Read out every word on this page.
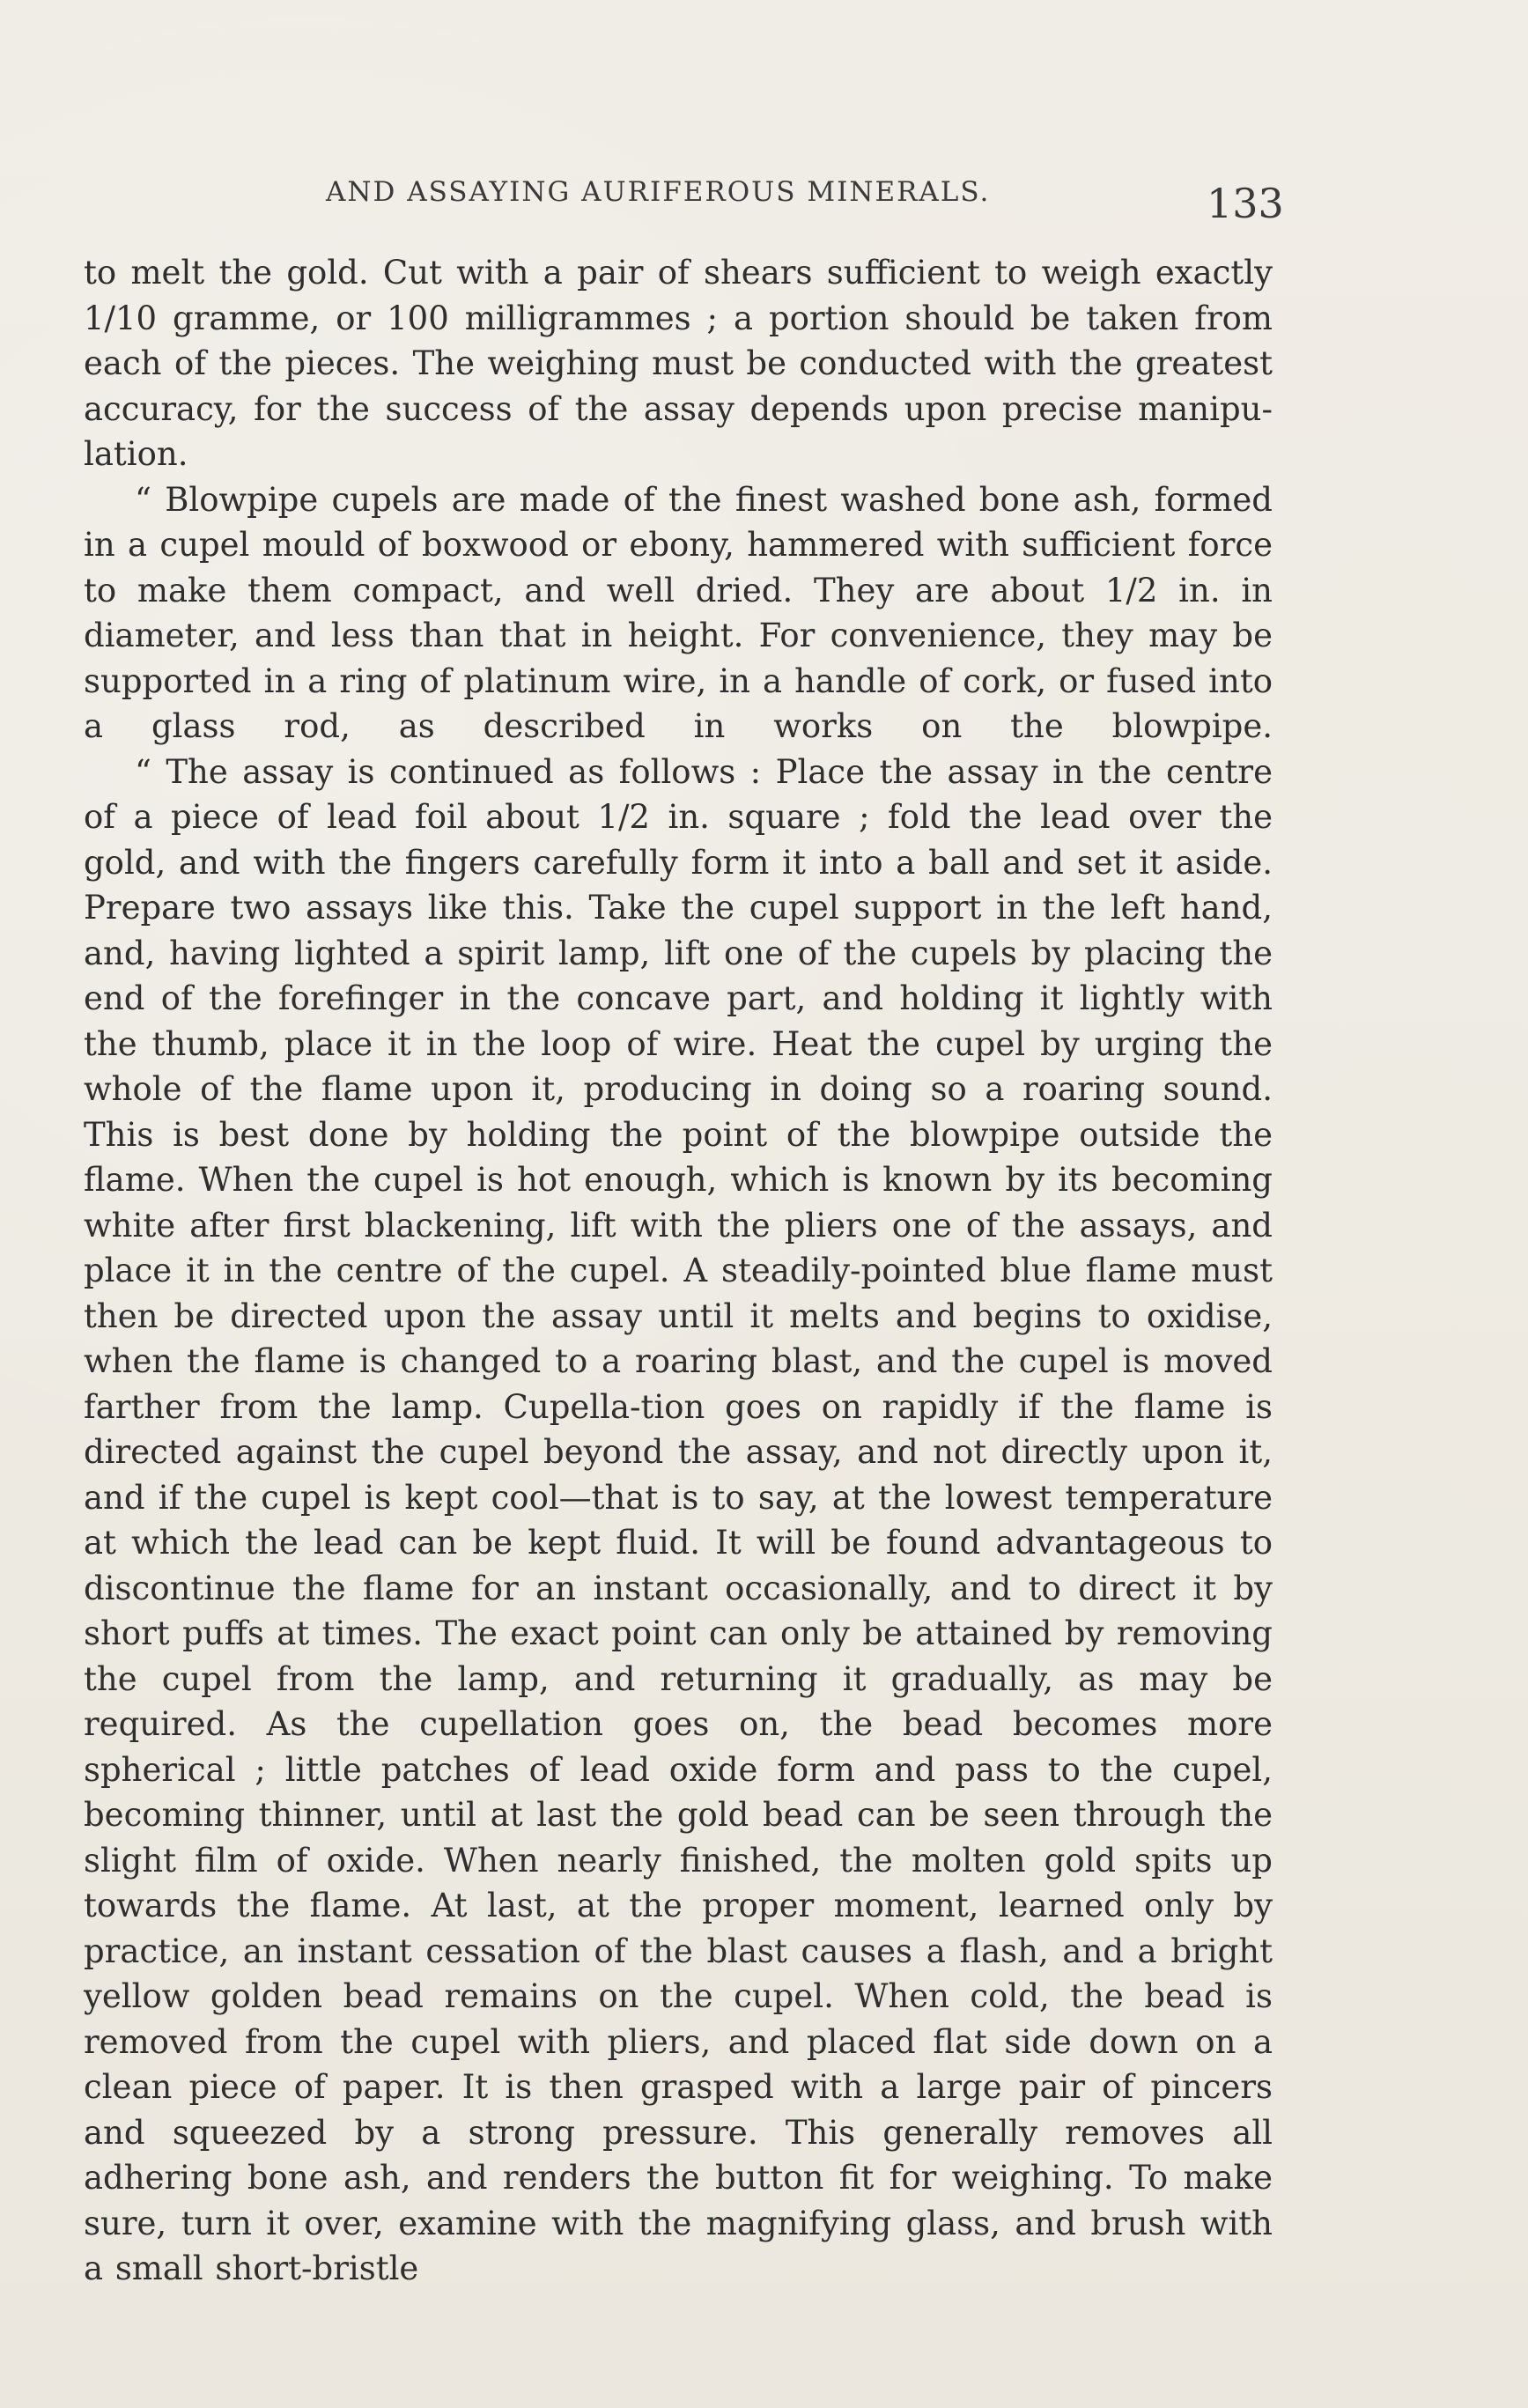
AND ASSAYING AURIFEROUS MINERALS.	133

to melt the gold. Cut with a pair of shears sufficient to weigh exactly 1/10 gramme, or 100 milligrammes ; a portion should be taken from each of the pieces. The weighing must be conducted with the greatest accuracy, for the success of the assay depends upon precise manipu-lation.

“ Blowpipe cupels are made of the finest washed bone ash, formed in a cupel mould of boxwood or ebony, hammered with sufficient force to make them compact, and well dried. They are about 1/2 in. in diameter, and less than that in height. For convenience, they may be supported in a ring of platinum wire, in a handle of cork, or fused into a glass rod, as described in works on the blowpipe.

“ The assay is continued as follows : Place the assay in the centre of a piece of lead foil about 1/2 in. square ; fold the lead over the gold, and with the fingers carefully form it into a ball and set it aside. Prepare two assays like this. Take the cupel support in the left hand, and, having lighted a spirit lamp, lift one of the cupels by placing the end of the forefinger in the concave part, and holding it lightly with the thumb, place it in the loop of wire. Heat the cupel by urging the whole of the flame upon it, producing in doing so a roaring sound. This is best done by holding the point of the blowpipe outside the flame. When the cupel is hot enough, which is known by its becoming white after first blackening, lift with the pliers one of the assays, and place it in the centre of the cupel. A steadily-pointed blue flame must then be directed upon the assay until it melts and begins to oxidise, when the flame is changed to a roaring blast, and the cupel is moved farther from the lamp. Cupella-tion goes on rapidly if the flame is directed against the cupel beyond the assay, and not directly upon it, and if the cupel is kept cool—that is to say, at the lowest temperature at which the lead can be kept fluid. It will be found advantageous to discontinue the flame for an instant occasionally, and to direct it by short puffs at times. The exact point can only be attained by removing the cupel from the lamp, and returning it gradually, as may be required. As the cupellation goes on, the bead becomes more spherical ; little patches of lead oxide form and pass to the cupel, becoming thinner, until at last the gold bead can be seen through the slight film of oxide. When nearly finished, the molten gold spits up towards the flame. At last, at the proper moment, learned only by practice, an instant cessation of the blast causes a flash, and a bright yellow golden bead remains on the cupel. When cold, the bead is removed from the cupel with pliers, and placed flat side down on a clean piece of paper. It is then grasped with a large pair of pincers and squeezed by a strong pressure. This generally removes all adhering bone ash, and renders the button fit for weighing. To make sure, turn it over, examine with the magnifying glass, and brush with a small short-bristle
